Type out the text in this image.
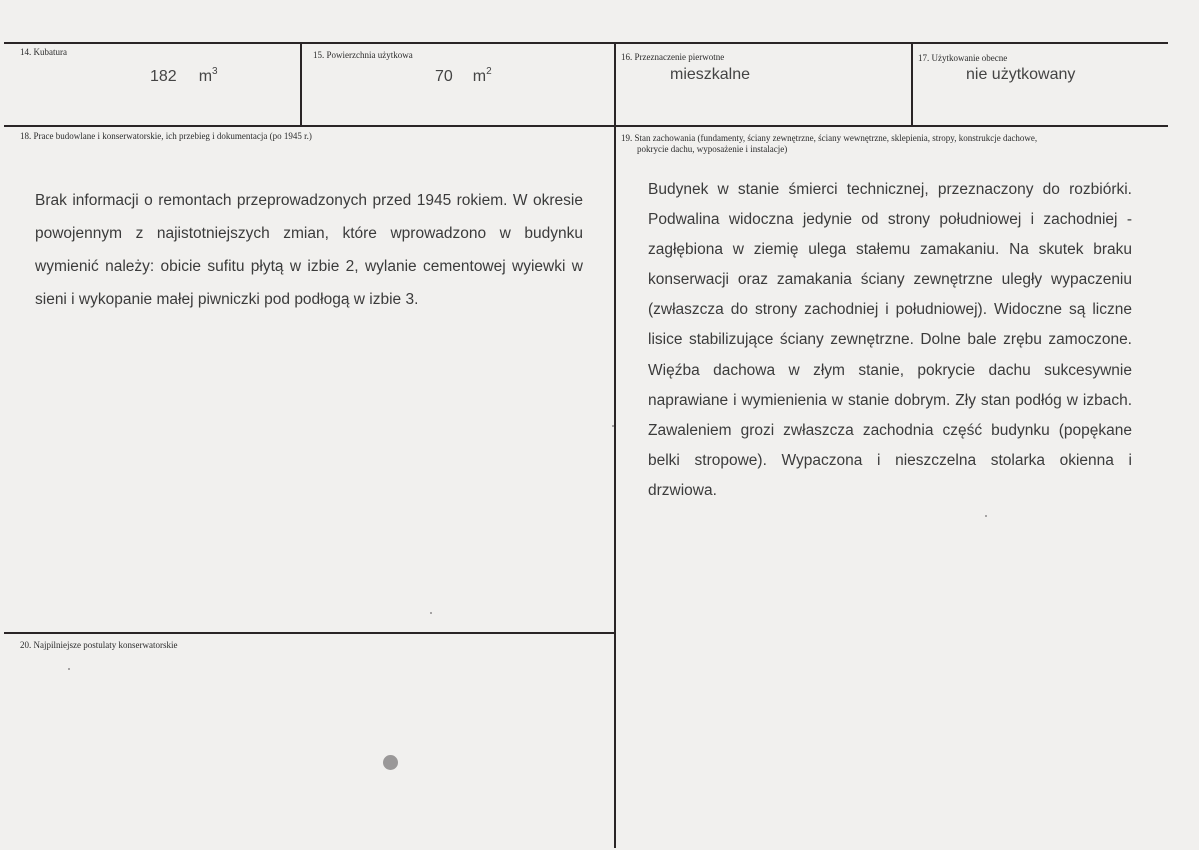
14. Kubatura
182 $m^3$
15. Powierzchnia użytkowa
70 $m^2$
16. Przeznaczenie pierwotne
mieszkalne
17. Użytkowanie obecne
nie użytkowany
18. Prace budowlane i konserwatorskie, ich przebieg i dokumentacja (po 1945 r.)
Brak informacji o remontach przeprowadzonych przed 1945 rokiem. W okresie powojennym z najistotniejszych zmian, które wprowadzono w budynku wymienić należy: obicie sufitu płytą w izbie 2, wylanie cementowej wyiewki w sieni i wykopanie małej piwniczki pod podłogą w izbie 3.
19. Stan zachowania (fundamenty, ściany zewnętrzne, ściany wewnętrzne, sklepienia, stropy, konstrukcje dachowe,
pokrycie dachu, wyposażenie i instalacje)
Budynek w stanie śmierci technicznej, przeznaczony do rozbiórki. Podwalina widoczna jedynie od strony południowej i zachodniej - zagłębiona w ziemię ulega stałemu zamakaniu. Na skutek braku konserwacji oraz zamakania ściany zewnętrzne uległy wypaczeniu (zwłaszcza do strony zachodniej i południowej). Widoczne są liczne lisice stabilizujące ściany zewnętrzne. Dolne bale zrębu zamoczone. Więźba dachowa w złym stanie, pokrycie dachu sukcesywnie naprawiane i wymienienia w stanie dobrym. Zły stan podłóg w izbach. Zawaleniem grozi zwłaszcza zachodnia część budynku (popękane belki stropowe). Wypaczona i nieszczelna stolarka okienna i drzwiowa.
20. Najpilniejsze postulaty konserwatorskie
